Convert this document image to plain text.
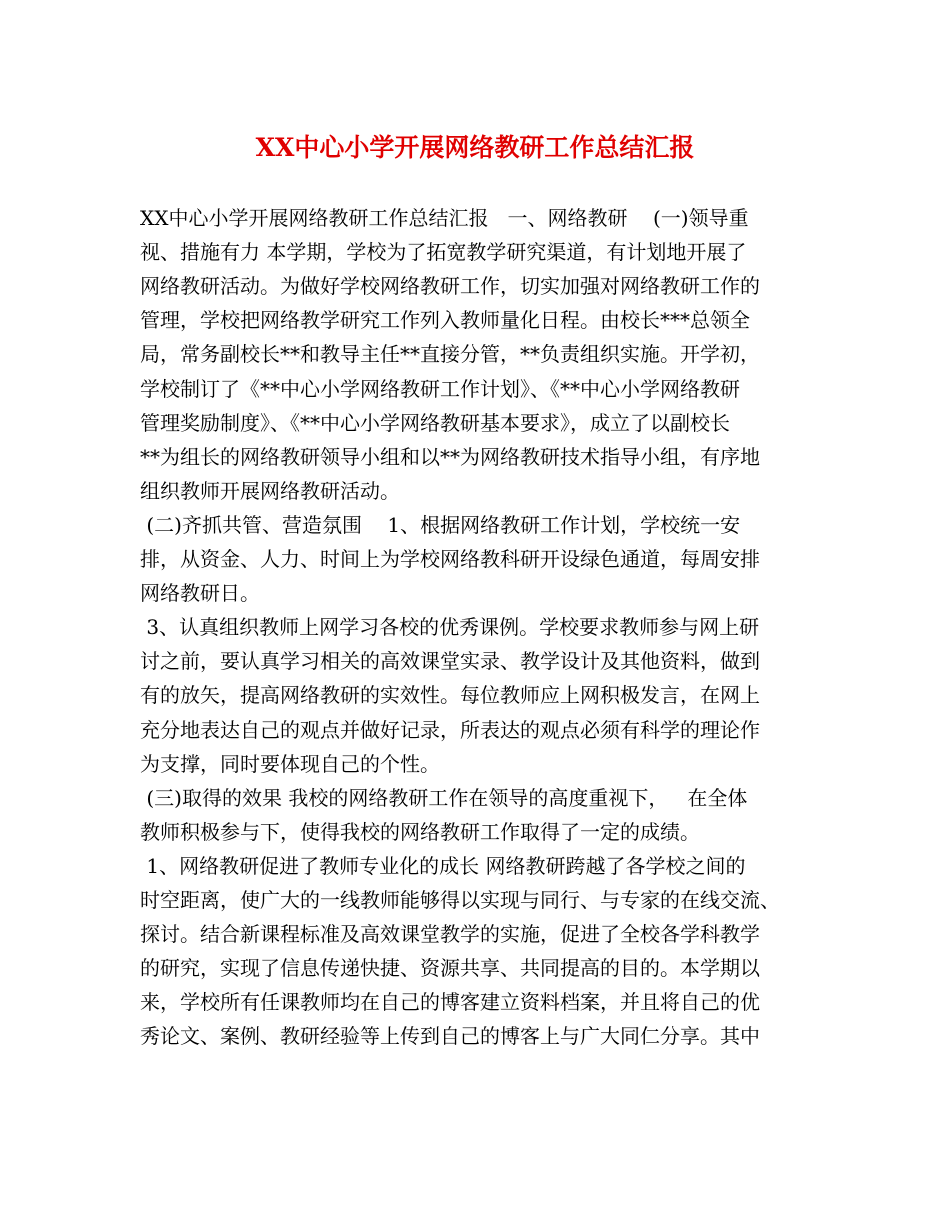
XX中心小学开展网络教研工作总结汇报
XX中心小学开展网络教研工作总结汇报   一、网络教研    (一)领导重
视、措施有力 本学期，学校为了拓宽教学研究渠道，有计划地开展了
网络教研活动。为做好学校网络教研工作，切实加强对网络教研工作的
管理，学校把网络教学研究工作列入教师量化日程。由校长***总领全
局，常务副校长**和教导主任**直接分管，**负责组织实施。开学初，
学校制订了《**中心小学网络教研工作计划》、《**中心小学网络教研
管理奖励制度》、《**中心小学网络教研基本要求》，成立了以副校长
**为组长的网络教研领导小组和以**为网络教研技术指导小组，有序地
组织教师开展网络教研活动。
(二)齐抓共管、营造氛围    1、根据网络教研工作计划，学校统一安
排，从资金、人力、时间上为学校网络教科研开设绿色通道，每周安排
网络教研日。
3、认真组织教师上网学习各校的优秀课例。学校要求教师参与网上研
讨之前，要认真学习相关的高效课堂实录、教学设计及其他资料，做到
有的放矢，提高网络教研的实效性。每位教师应上网积极发言，在网上
充分地表达自己的观点并做好记录，所表达的观点必须有科学的理论作
为支撑，同时要体现自己的个性。
(三)取得的效果 我校的网络教研工作在领导的高度重视下，   在全体
教师积极参与下，使得我校的网络教研工作取得了一定的成绩。
1、网络教研促进了教师专业化的成长 网络教研跨越了各学校之间的
时空距离，使广大的一线教师能够得以实现与同行、与专家的在线交流、
探讨。结合新课程标准及高效课堂教学的实施，促进了全校各学科教学
的研究，实现了信息传递快捷、资源共享、共同提高的目的。本学期以
来，学校所有任课教师均在自己的博客建立资料档案，并且将自己的优
秀论文、案例、教研经验等上传到自己的博客上与广大同仁分享。其中
